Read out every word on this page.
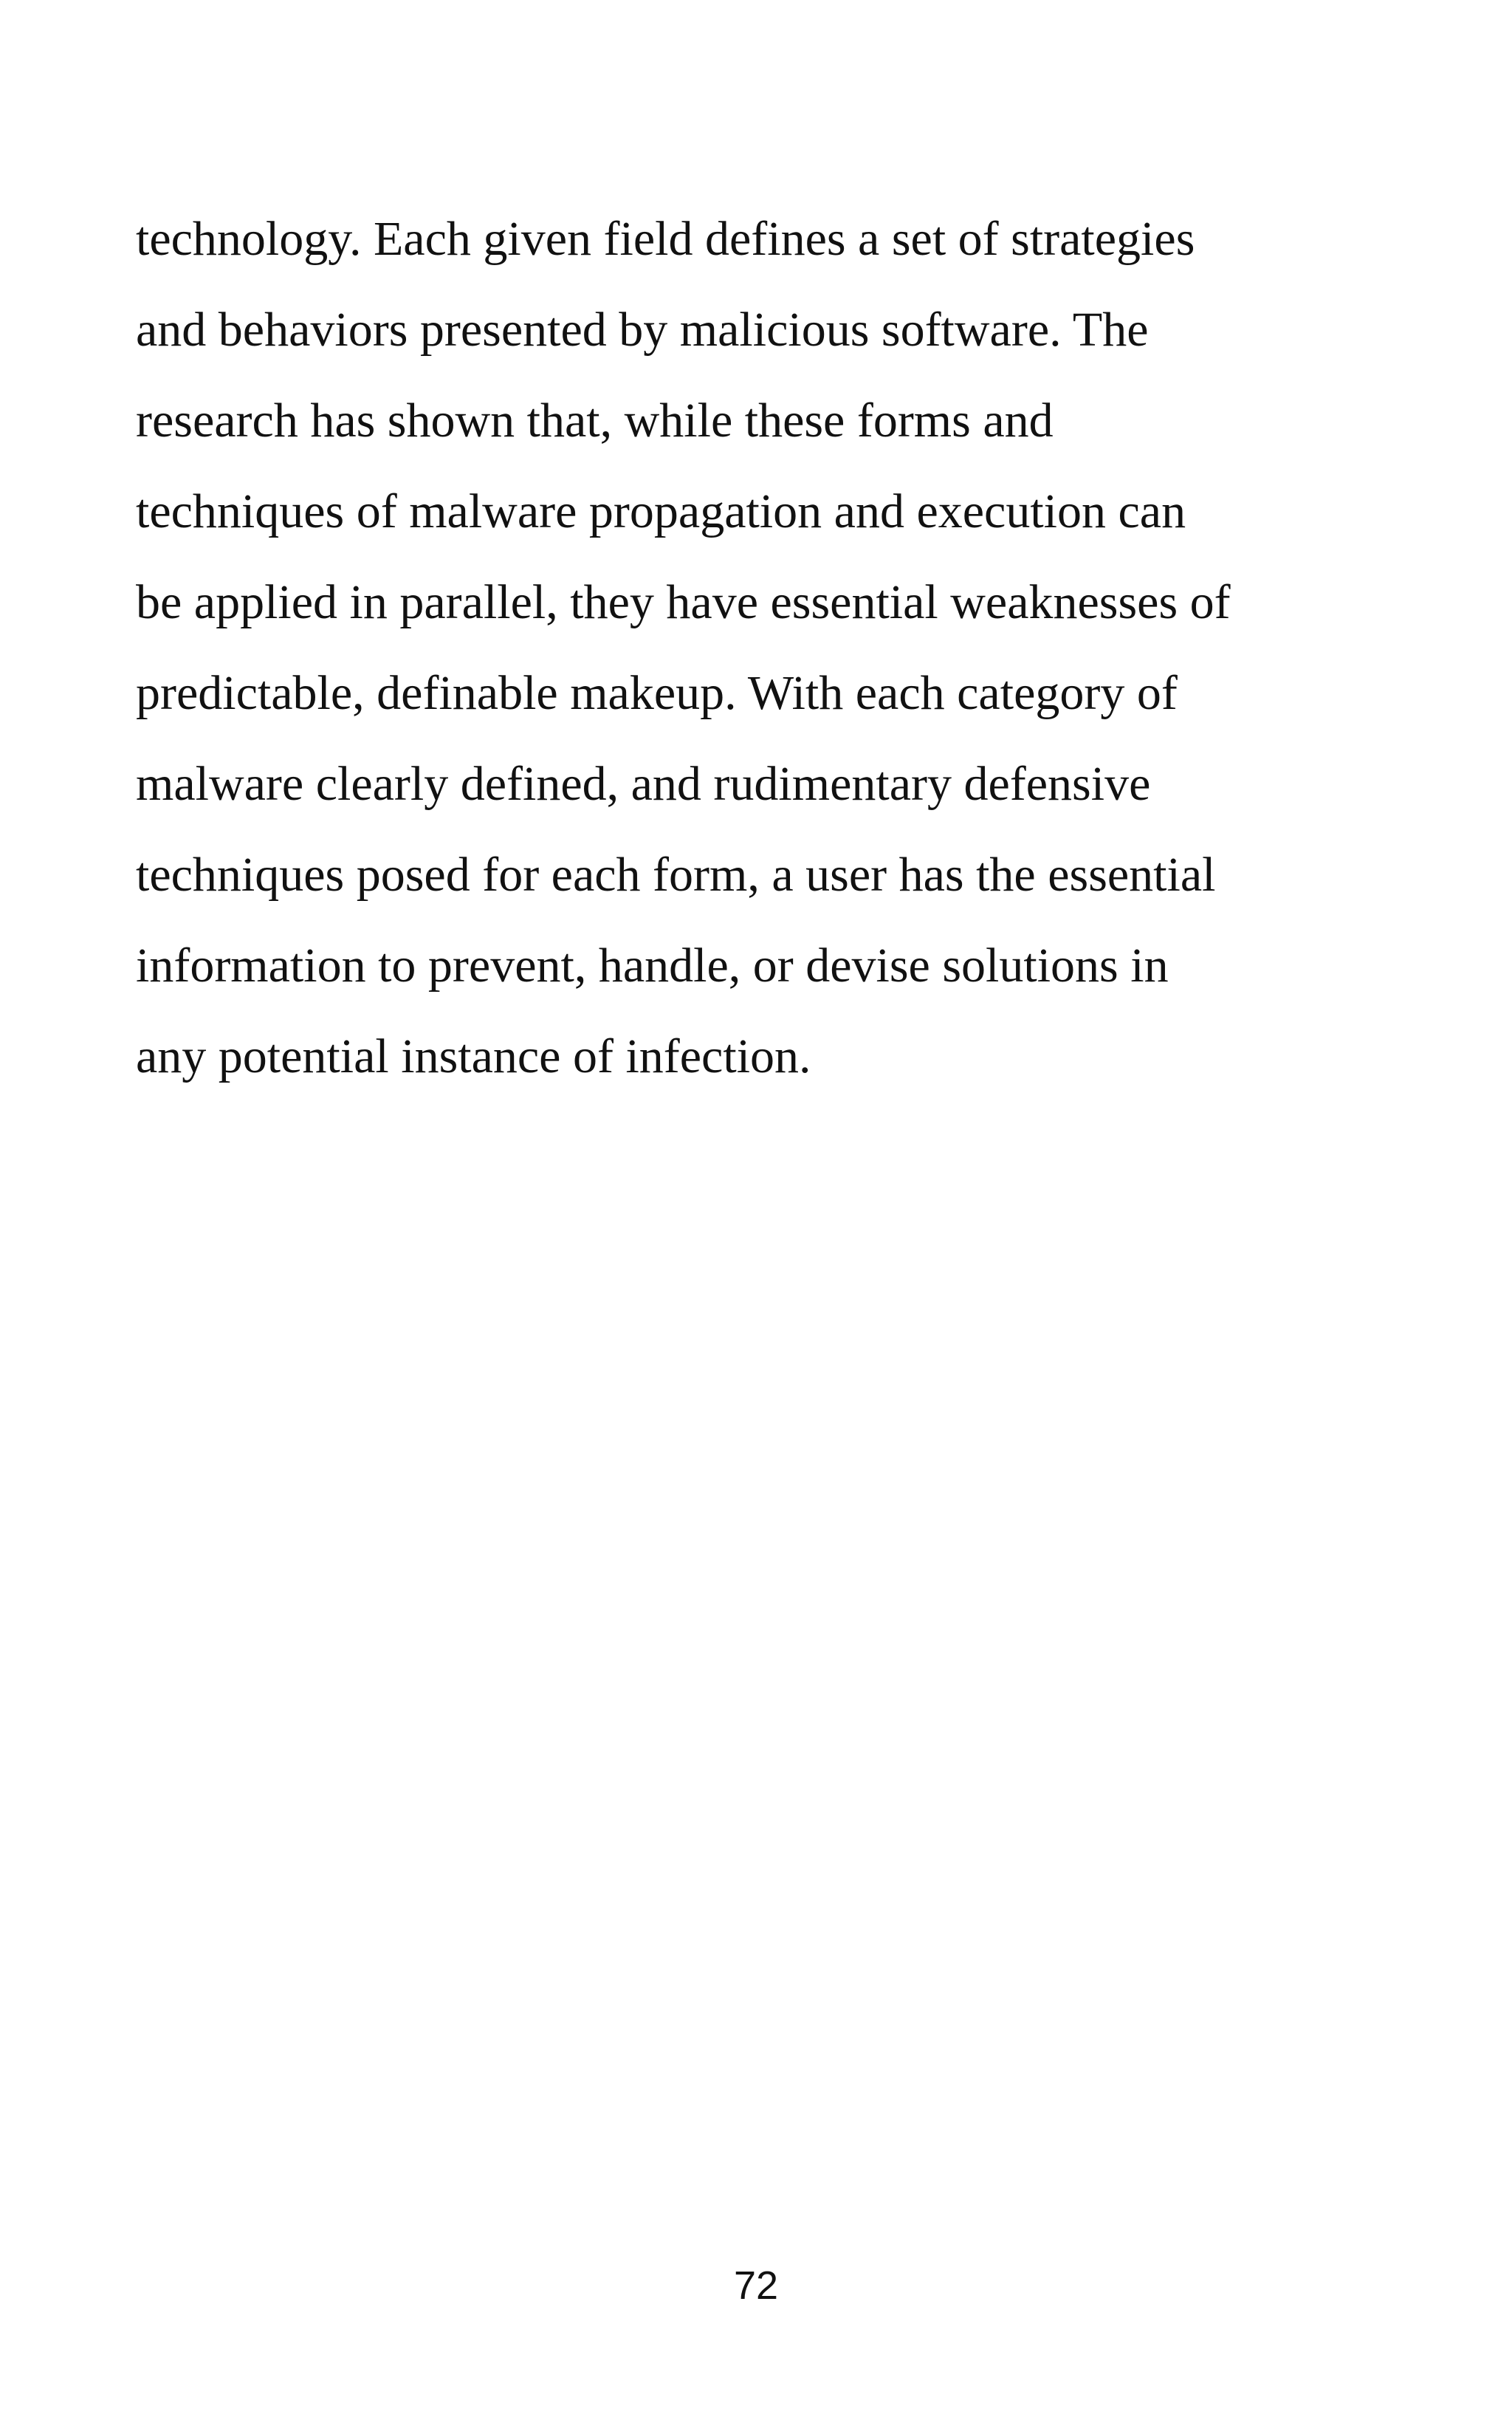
technology. Each given field defines a set of strategies

and behaviors presented by malicious software. The

research has shown that, while these forms and

techniques of malware propagation and execution can

be applied in parallel, they have essential weaknesses of

predictable, definable makeup. With each category of

malware clearly defined, and rudimentary defensive

techniques posed for each form, a user has the essential

information to prevent, handle, or devise solutions in

any potential instance of infection.

72
